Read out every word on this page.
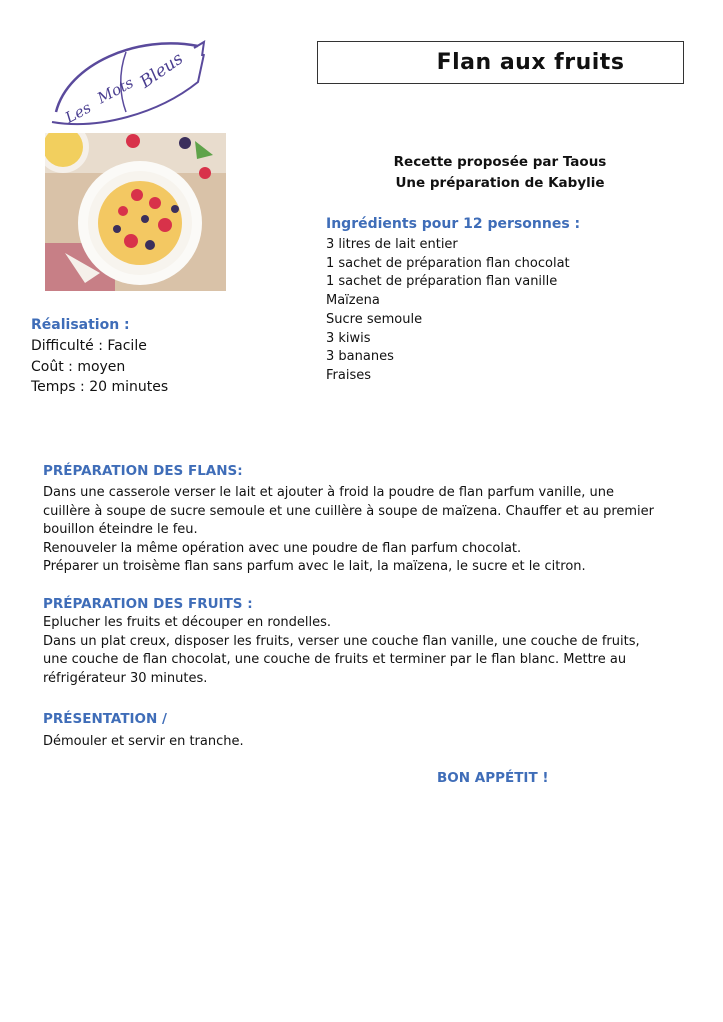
Les
Mots Bleus	Flan aux fruits
Recette proposée par Taous
Une préparation de Kabylie
Ingrédients pour 12 personnes :
3 litres de lait entier
1 sachet de préparation flan chocolat
1 sachet de préparation flan vanille
Maïzena
Sucre semoule
3 kiwis
3 bananes
Fraises
Réalisation :
Difficulté : Facile
Coût : moyen
Temps : 20 minutes
PRÉPARATION DES FLANS:

Dans une casserole verser le lait et ajouter à froid la poudre de flan parfum vanille, une cuillère à soupe de sucre semoule et une cuillère à soupe de maïzena. Chauffer et au premier bouillon éteindre le feu.

Renouveler la même opération avec une poudre de flan parfum chocolat.

Préparer un troisème flan sans parfum avec le lait, la maïzena, le sucre et le citron.

PRÉPARATION DES FRUITS :

Eplucher les fruits et découper en rondelles.

Dans un plat creux, disposer les fruits, verser une couche flan vanille, une couche de fruits, une couche de flan chocolat, une couche de fruits et terminer par le flan blanc. Mettre au réfrigérateur 30 minutes.

PRÉSENTATION /

Démouler et servir en tranche.

BON APPÉTIT !
